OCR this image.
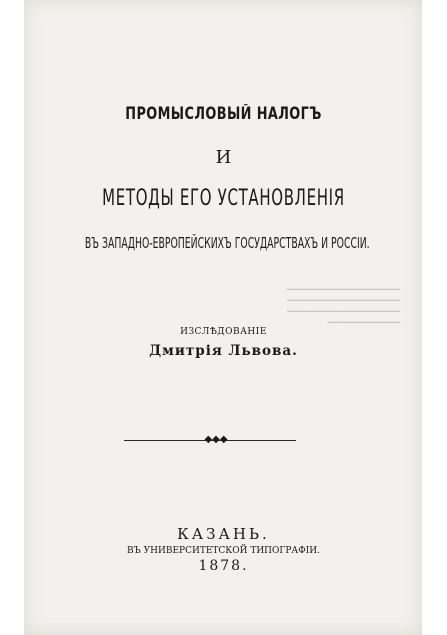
ПРОМЫСЛОВЫЙ НАЛОГЪ
И
МЕТОДЫ ЕГО УСТАНОВЛЕНIЯ
ВЪ ЗАПАДНО-ЕВРОПЕЙСКИХЪ ГОСУДАРСТВАХЪ И РОССIИ.
━━━━━━━━━━━━━━━━━━━━━━━━━
━━━━━━━━━━━━━━━━━━━━━━━━━
━━━━━━━━━━━━━━━━━━━━━━━━━
━━━━━━━━━━━━━━━━
ИЗСЛѢДОВАНIЕ
Дмитрiя Львова.
◆◆◆
КАЗАНЬ.
ВЪ УНИВЕРСИТЕТСКОЙ ТИПОГРАФIИ.
1878.
